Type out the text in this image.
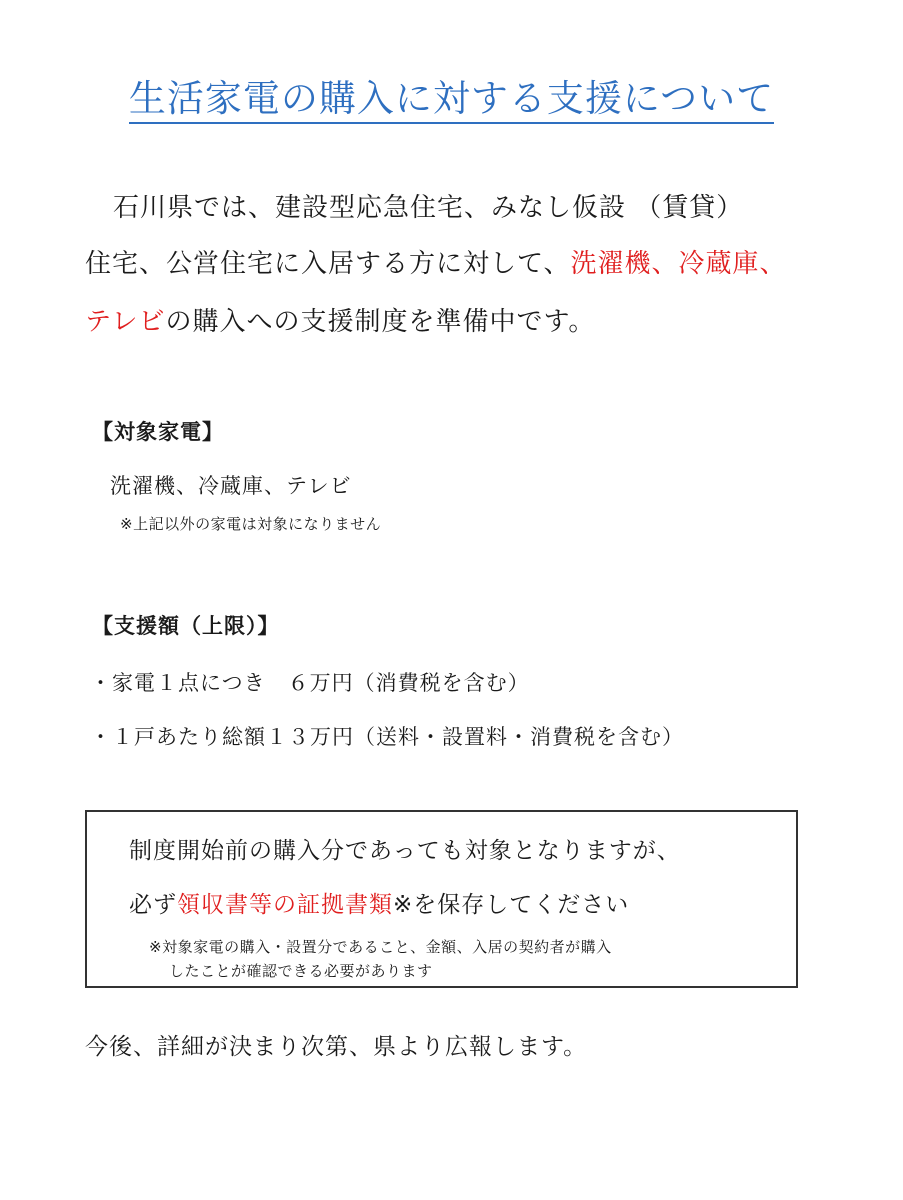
生活家電の購入に対する支援について
石川県では、建設型応急住宅、みなし仮設 （賃貸）
住宅、公営住宅に入居する方に対して、洗濯機、冷蔵庫、
テレビの購入への支援制度を準備中です。
【対象家電】
洗濯機、冷蔵庫、テレビ
※上記以外の家電は対象になりません
【支援額（上限）】
・家電１点につき　６万円（消費税を含む）
・１戸あたり総額１３万円（送料・設置料・消費税を含む）
制度開始前の購入分であっても対象となりますが、
必ず領収書等の証拠書類※を保存してください
※対象家電の購入・設置分であること、金額、入居の契約者が購入
したことが確認できる必要があります
今後、詳細が決まり次第、県より広報します。
